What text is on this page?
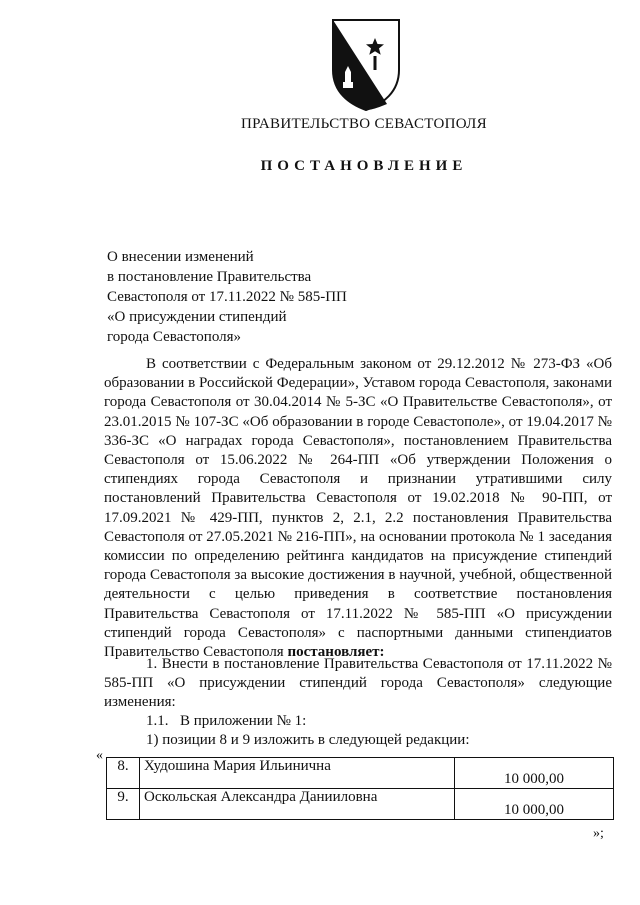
ПРАВИТЕЛЬСТВО СЕВАСТОПОЛЯ
ПОСТАНОВЛЕНИЕ
О внесении изменений
в постановление Правительства
Севастополя от 17.11.2022 № 585-ПП
«О присуждении стипендий
города Севастополя»

В соответствии с Федеральным законом от 29.12.2012 № 273-ФЗ «Об образовании в Российской Федерации», Уставом города Севастополя, законами города Севастополя от 30.04.2014 № 5-ЗС «О Правительстве Севастополя», от 23.01.2015 № 107-ЗС «Об образовании в городе Севастополе», от 19.04.2017 № 336-ЗС «О наградах города Севастополя», постановлением Правительства Севастополя от 15.06.2022 № 264-ПП «Об утверждении Положения о стипендиях города Севастополя и признании утратившими силу постановлений Правительства Севастополя от 19.02.2018 № 90-ПП, от 17.09.2021 № 429-ПП, пунктов 2, 2.1, 2.2 постановления Правительства Севастополя от 27.05.2021 № 216-ПП», на основании протокола № 1 заседания комиссии по определению рейтинга кандидатов на присуждение стипендий города Севастополя за высокие достижения в научной, учебной, общественной деятельности с целью приведения в соответствие постановления Правительства Севастополя от 17.11.2022 № 585-ПП «О присуждении стипендий города Севастополя» с паспортными данными стипендиатов Правительство Севастополя постановляет:

1. Внести в постановление Правительства Севастополя от 17.11.2022 № 585-ПП «О присуждении стипендий города Севастополя» следующие изменения:

1.1. В приложении № 1:
1) позиции 8 и 9 изложить в следующей редакции:
«
8.	Худошина Мария Ильинична	10 000,00
9.	Оскольская Александра Данииловна	10 000,00
»;
